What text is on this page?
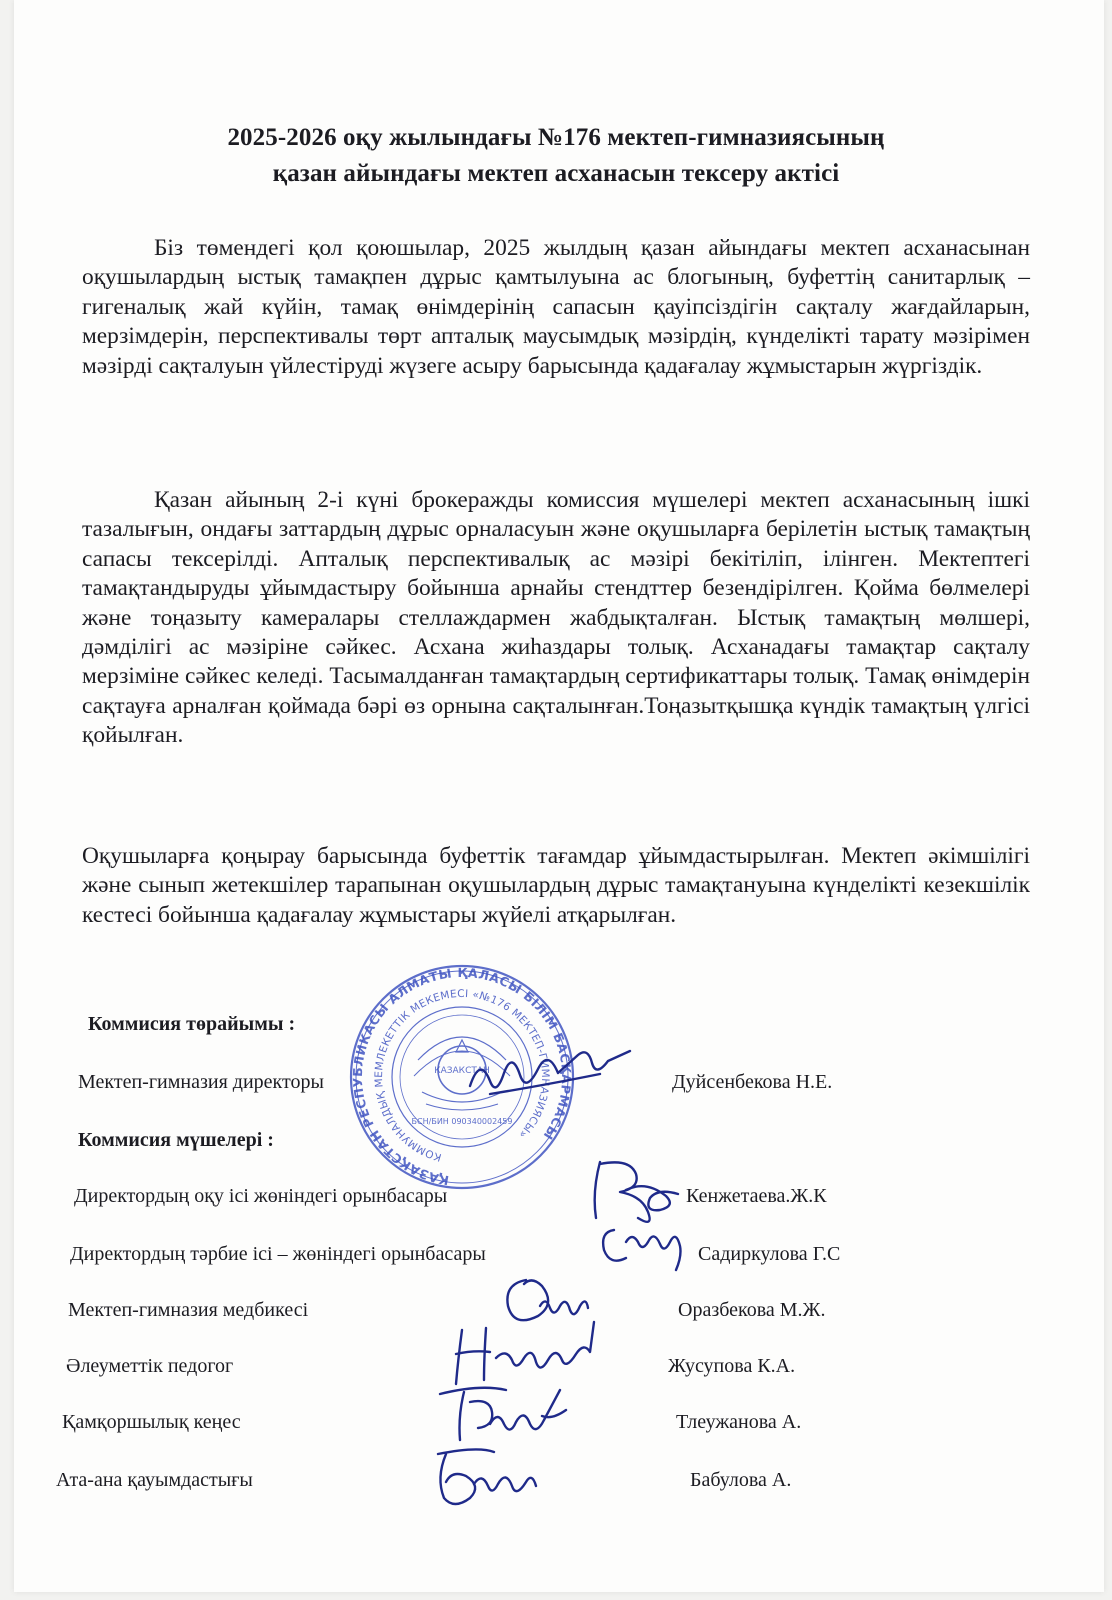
2025-2026 оқу жылындағы №176 мектеп-гимназиясының
қазан айындағы мектеп асханасын тексеру актісі

Біз төмендегі қол қоюшылар, 2025 жылдың қазан айындағы мектеп асханасынан оқушылардың ыстық тамақпен дұрыс қамтылуына ас блогының, буфеттің санитарлық – гигеналық жай күйін, тамақ өнімдерінің сапасын қауіпсіздігін сақталу жағдайларын, мерзімдерін, перспективалы төрт апталық маусымдық мәзірдің, күнделікті тарату мәзірімен мәзірді сақталуын үйлестіруді жүзеге асыру барысында қадағалау жұмыстарын жүргіздік.

Қазан айының 2-і күні брокеражды комиссия мүшелері мектеп асханасының ішкі тазалығын, ондағы заттардың дұрыс орналасуын және оқушыларға берілетін ыстық тамақтың сапасы тексерілді. Апталық перспективалық ас мәзірі бекітіліп, ілінген. Мектептегі тамақтандыруды ұйымдастыру бойынша арнайы стендттер безендірілген. Қойма бөлмелері және тоңазыту камералары стеллаждармен жабдықталған. Ыстық тамақтың мөлшері, дәмділігі ас мәзіріне сәйкес. Асхана жиһаздары толық. Асханадағы тамақтар сақталу мерзіміне сәйкес келеді. Тасымалданған тамақтардың сертификаттары толық. Тамақ өнімдерін сақтауға арналған қоймада бәрі өз орнына сақталынған.Тоңазытқышқа күндік тамақтың үлгісі қойылған.

Оқушыларға қоңырау барысында буфеттік тағамдар ұйымдастырылған. Мектеп әкімшілігі және сынып жетекшілер тарапынан оқушылардың дұрыс тамақтануына күнделікті кезекшілік кестесі бойынша қадағалау жұмыстары жүйелі атқарылған.

ҚАЗАҚСТАН РЕСПУБЛИКАСЫ АЛМАТЫ ҚАЛАСЫ БІЛІМ БАСҚАРМАСЫ
КОММУНАЛДЫҚ МЕМЛЕКЕТТІК МЕКЕМЕСІ «№176 МЕКТЕП-ГИМНАЗИЯСЫ»
КАЗАКСТАН
БСН/БИН 090340002459
Коммисия төрайымы :
Мектеп-гимназия директоры	Дуйсенбекова Н.Е.
Коммисия мүшелері :
Директордың оқу ісі жөніндегі орынбасары	Кенжетаева.Ж.К
Директордың тәрбие ісі – жөніндегі орынбасары	Садиркулова Г.С
Мектеп-гимназия медбикесі	Оразбекова М.Ж.
Әлеуметтік педогог	Жусупова К.А.
Қамқоршылық кеңес	Тлеужанова А.
Ата-ана қауымдастығы	Бабулова А.
